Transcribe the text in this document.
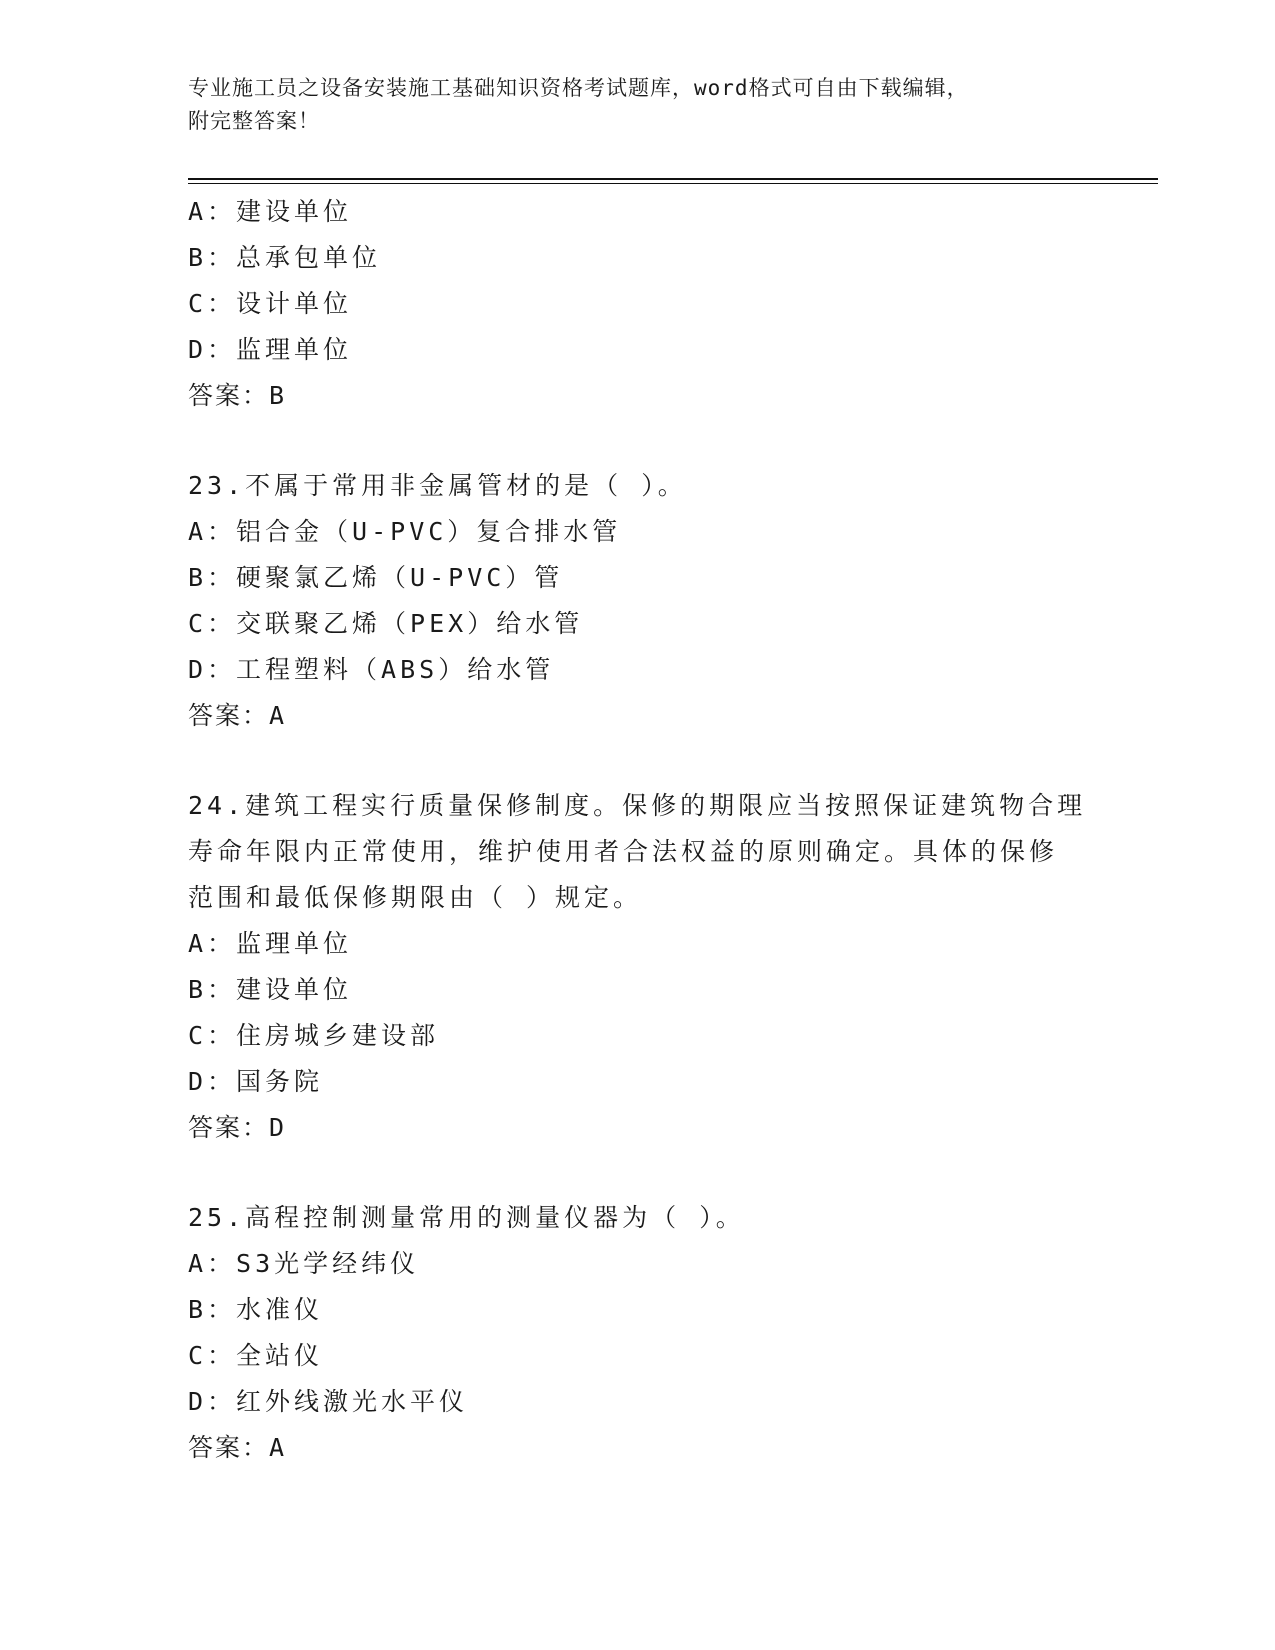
专业施工员之设备安装施工基础知识资格考试题库，word格式可自由下载编辑，
附完整答案！
A：建设单位
B：总承包单位
C：设计单位
D：监理单位
答案：B
23.不属于常用非金属管材的是（ ）。
A：铝合金（U-PVC）复合排水管
B：硬聚氯乙烯（U-PVC）管
C：交联聚乙烯（PEX）给水管
D：工程塑料（ABS）给水管
答案：A
24.建筑工程实行质量保修制度。保修的期限应当按照保证建筑物合理
寿命年限内正常使用，维护使用者合法权益的原则确定。具体的保修
范围和最低保修期限由（ ）规定。
A：监理单位
B：建设单位
C：住房城乡建设部
D：国务院
答案：D
25.高程控制测量常用的测量仪器为（ ）。
A：S3光学经纬仪
B：水准仪
C：全站仪
D：红外线激光水平仪
答案：A
